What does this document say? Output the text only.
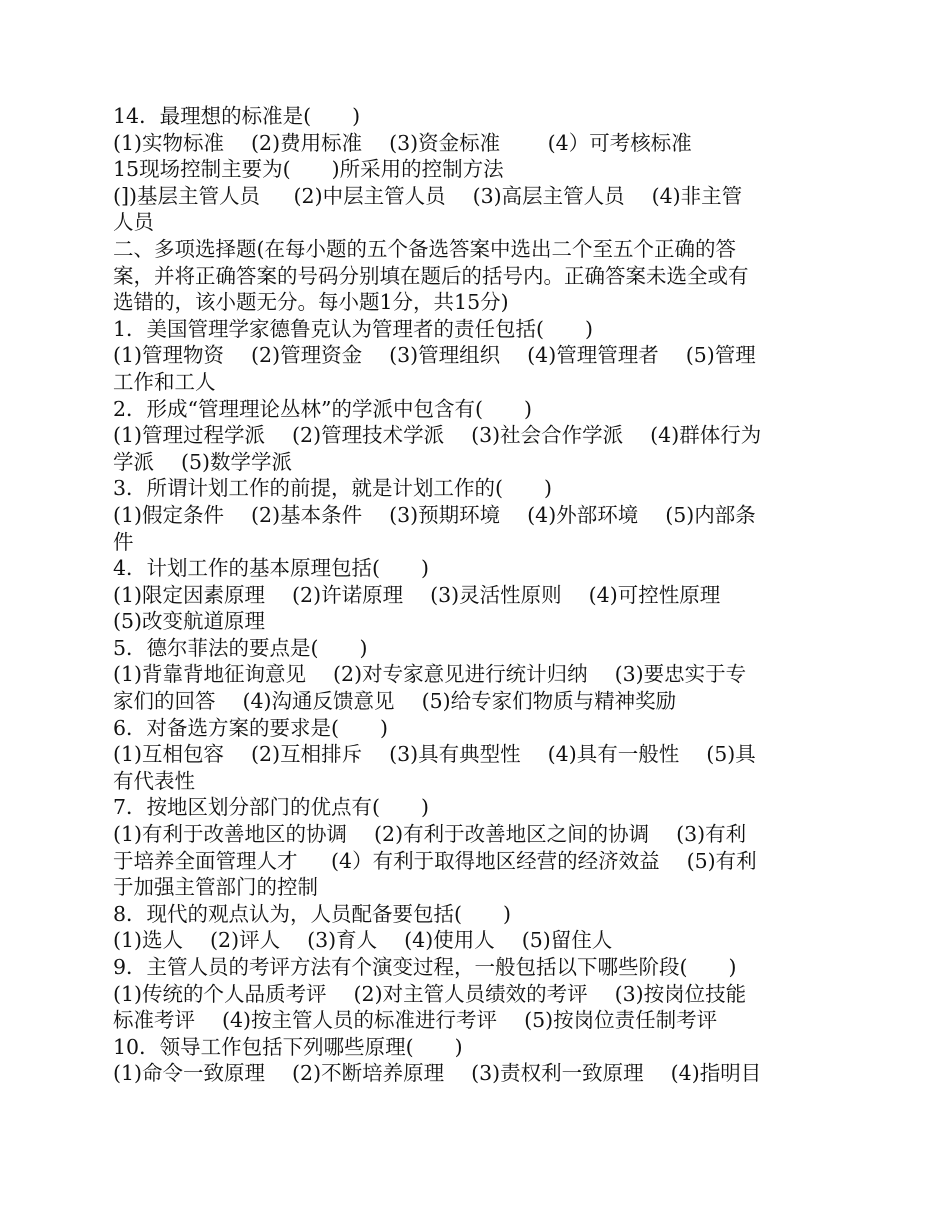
14．最理想的标准是(　　)
(1)实物标准 　(2)费用标准 　(3)资金标准 　　(4）可考核标准
15现场控制主要为(　　)所采用的控制方法
(])基层主管人员 　 (2)中层主管人员 　(3)高层主管人员 　(4)非主管
人员
二、多项选择题(在每小题的五个备选答案中选出二个至五个正确的答
案，并将正确答案的号码分别填在题后的括号内。正确答案未选全或有
选错的，该小题无分。每小题1分，共15分)
1．美国管理学家德鲁克认为管理者的责任包括(　　)
(1)管理物资 　(2)管理资金 　(3)管理组织 　(4)管理管理者 　(5)管理
工作和工人
2．形成“管理理论丛林”的学派中包含有(　　)
(1)管理过程学派 　(2)管理技术学派 　(3)社会合作学派 　(4)群体行为
学派 　(5)数学学派
3．所谓计划工作的前提，就是计划工作的(　　)
(1)假定条件 　(2)基本条件 　(3)预期环境 　(4)外部环境 　(5)内部条
件
4．计划工作的基本原理包括(　　)
(1)限定因素原理 　(2)许诺原理 　(3)灵活性原则 　(4)可控性原理
(5)改变航道原理
5．德尔菲法的要点是(　　)
(1)背靠背地征询意见 　(2)对专家意见进行统计归纳 　(3)要忠实于专
家们的回答 　(4)沟通反馈意见 　(5)给专家们物质与精神奖励
6．对备选方案的要求是(　　)
(1)互相包容 　(2)互相排斥 　(3)具有典型性 　(4)具有一般性 　(5)具
有代表性
7．按地区划分部门的优点有(　　)
(1)有利于改善地区的协调 　(2)有利于改善地区之间的协调 　(3)有利
于培养全面管理人才 　 (4）有利于取得地区经营的经济效益 　(5)有利
于加强主管部门的控制
8．现代的观点认为，人员配备要包括(　　)
(1)选人 　(2)评人 　(3)育人 　(4)使用人 　(5)留住人
9．主管人员的考评方法有个演变过程，一般包括以下哪些阶段(　　)
(1)传统的个人品质考评 　(2)对主管人员绩效的考评 　(3)按岗位技能
标准考评 　(4)按主管人员的标准进行考评 　(5)按岗位责任制考评
10．领导工作包括下列哪些原理(　　)
(1)命令一致原理 　(2)不断培养原理 　(3)责权利一致原理 　(4)指明目
